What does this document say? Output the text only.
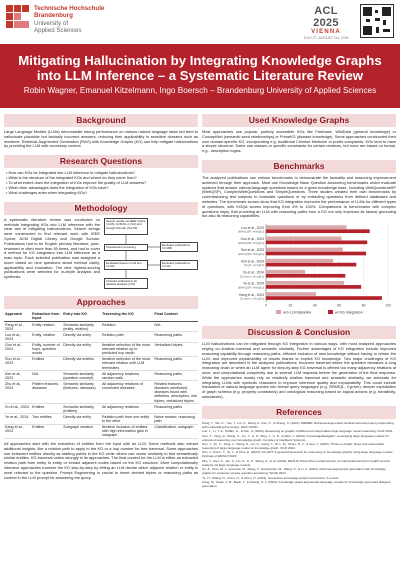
Technische Hochschule
Brandenburg
University of
Applied Sciences
ACL 2025
VIENNA
JULY 27–AUGUST 1st, 2025
Mitigating Hallucination by Integrating Knowledge Graphs
into LLM Inference – a Systematic Literature Review
Robin Wagner, Emanuel Kitzelmann, Ingo Boersch – Brandenburg University of Applied Sciences
Background
Large Language Models (LLMs) demonstrate strong performance on various natural language tasks but tend to hallucinate plausible but factually incorrect answers, reducing their applicability in sensitive domains such as medicine. Retrieval-Augmented Generation (RAG) with Knowledge Graphs (KG) can help mitigate hallucinations by providing the LLM with necessary context.
Research Questions
• How can KGs be integrated into LLM inference to mitigate hallucinations?
• What is the structure of the integrated KGs and where do they come from?
• To what extent does the integration of KGs improve the quality of LLM answers?
• What other advantages does the integration of KGs have?
• What challenges arise when integrating KGs?
Methodology
A systematic literature review was conducted on methods integrating KGs into LLM inference with the clear aim of mitigating hallucinations. Search strings were constructed to find relevant work with IEEE Xplore, ACM Digital Library and Google Scholar. Publications had to be English primary literature, peer-reviewed or cited more than 50 times, and had to cover a method for KG integration into LLM inference as a main topic. Each selected publication was assigned a score based on nine questions about method clarity, applicability and evaluation. The nine highest-scoring publications were selected for in-depth analysis and synthesis.
Search results via IEEE Xplore (n=26), ACM DL (n=24) and Google Scholar (Top 50)
Title/abstract screening	Excluded publications (n=108)
Evaluated based on full text (n=23)
Excluded publications (n=10)
Included publications for detailed analysis (n=9)
Approaches
Approach	Extraction from Input	Entry into KG	Traversing the KG	Final Context
Pang et al., 2024	Entity relation	Semantic similarity (entity, relation)	Relation	N/A
Luo et al., 2023	Entity, relation	Directly via entity	Relation path	Reasoning paths
Guo et al., 2024	Entity, number of hops, question words	Directly via entity	Iterative selection of the most relevant relation up to predicted hop depth	Verbalized triples
Sun et al., 2023	Entities	Directly via entities	Iterative selection of the most relevant relation until LLM terminates	Reasoning paths
Kim et al., 2023	N/A	Semantic similarity (question concept)	All adjacency relations, random walk	Reasoning paths
Zhu et al., 2024	Patient features, diseases	Semantic similarity (features, diseases)	All adjacency relations of connected diseases	Related features, diseases mentioned, diseases found with definition, description, info triples, verbalized triples
Xu et al., 2024	Entities	Semantic similarity (entities)	All adjacency relations	Reasoning paths
Ye et al., 2024	Two entities	Directly via entity	Relation path from one entity to the other	Naive answer, reasoning path
Kang et al., 2024	Entities	Subgraph creation	Iterative inclusion of entities with high information gain in subgraph	Classification, subgraph
All approaches start with the extraction of entities from the input with an LLM. Some methods also extract additional insights, like a relation path to apply to the KG or a hop number for tree traversal. Some approaches use extracted entities directly as starting points in the KG while others use vector similarity to find semantically similar entities. KG traversal varies strongly in its approaches. The final context for the LLM is either an extracted relation path from entity to entity or extract adjacent nodes based on the KG structure. More computationally intensive approaches traverse the KG step-by-step by letting an LLM decide which adjacent relation or entity is most relevant to the question. Prompt Engineering is crucial to insert derived triples or reasoning paths as context in the LLM prompt for answering the query.
Used Knowledge Graphs
Most approaches use popular, publicly accessible KGs like Freebase, WikiData (general knowledge) or ConceptNet (semantic word relationships) or PrimeKG (disease knowledge). Some approaches constructed their own domain-specific KG, incorporating e.g. traditional Chinese Medicine or public complaints. KGs tend to have a simple structure. Some use classes or specific constraints for certain relations, but none are based on formal, e.g., description logics.
Benchmarks
The analyzed publications use various benchmarks to demonstrate the factuality and reasoning improvement achieved through their approach. Most use Knowledge Base Question Answering benchmarks which evaluate systems that answer natural-language questions based on a given knowledge base, including WebQuestionsSP (WebQSP), ComplexWebQuestions and SimpleQuestions. Three studies created their own benchmarks by commissioning test subjects to formulate questions or by extracting questions from defined databases and websites. The benchmark scores show that KG integration improves the performance of LLMs for different types of questions, with KGQA scores improving from 4% to 130%. Comparisons to benchmarks with complex questions imply, that providing an LLM with reasoning paths from a KG not only improves its factual grounding but also its reasoning capabilities.
0	20	40	60	80	100
Luo et al., 2023
[WebQSP, Hits@1]
Guo et al., 2024
[WebQSP, Hits@1]
Sun et al., 2023
[WebQSP, Hits@1]
Kim et al., 2024
[CQA, Acc@1]
Xu et al., 2024
[Custom, Acc@1]
Ye et al., 2024
[WebQSP, Hits@1]
Kang et al., 2024
[Custom, Acc@1]
w/o LLM Baseline	w/ KG Integration
Discussion & Conclusion
LLM hallucinations can be mitigated through KG integration in various ways, with most analyzed approaches relying on shallow traversal and semantic similarity. Further advantages of KG integration include improved reasoning capability through reasoning paths, efficient inclusion of new knowledge without having to retrain the LLM, and improved explainability of results thanks to explicit KG knowledge. Two major challenges of KG integration are described in the analyzed publications: Incorrect traversal where the question demands a long reasoning chain or when an LLM agent for step-by-step KG traversal is offered too many adjacency relations at once, and computational complexity due to several LLM requests before the generation of the final response. While the approaches mostly rely on relatively shallow traversal and semantic similarity, we advocate for integrating LLMs with symbolic reasoners to improve inference quality and explainability. This could include translation of natural language queries into formal query languages (e.g. SPARQL, Cypher), deeper exploitation of graph schema (e.g. property constraints) and ontological reasoning based on logical axioms (e.g. transitivity, subclasses).
References

Pang, T., Tan, K., Yao, Y., Liu, X., Meng, F., Fan, C., & Zhang, X. (2024). REMED: Retrieval-augmented medical document query responding with embedding fine-tuning. 2024 IJCNN.

Luo, L., Li, Y.-F., Haffari, G., & Pan, S. (2023). Reasoning on graphs: Faithful and interpretable large language model reasoning. ICLR 2024.

Guo, T., Yang, Q., Wang, C., Liu, Y., Li, P., Tang, J., Li, D., & Wen, Y. (2024). KnowledgeNavigator: Leveraging large language models for enhanced reasoning over knowledge graph. Complex & Intelligent Systems.

Sun, J., Xu, C., Tang, L., Wang, S., Lin, C., Gong, Y., Ni, L. M., Shum, H.-Y., & Guo, J. (2023). Think-on-Graph: Deep and responsible reasoning of large language model on knowledge graph. ICLR 2024.

Kim, J., Kwon, Y., Jo, Y., & Choi, E. (2023). KG-GPT: A general framework for reasoning on knowledge graphs using large language models. Findings of EMNLP 2023.

Zhu, Y., Ren, C., Xie, S., Liu, S., Ji, H., Wang, Z., et al. (2024). REALM: RAG-driven enhancement of multimodal electronic health records analysis via large language models.

Xu, Z., Cruz, M. J., Guevara, M., Wang, T., Deshpande, M., Wang, X., & Li, Z. (2024). Retrieval-augmented generation with knowledge graphs for customer service question answering. SIGIR 2024.

Ye, H., Zhang, N., Chen, H., & Chen, H. (2024). Generative knowledge graph construction: A review.

Kang, M., Kwak, J. M., Baek, J., & Hwang, S. J. (2024). Knowledge graph-augmented language models for knowledge-grounded dialogue generation.
